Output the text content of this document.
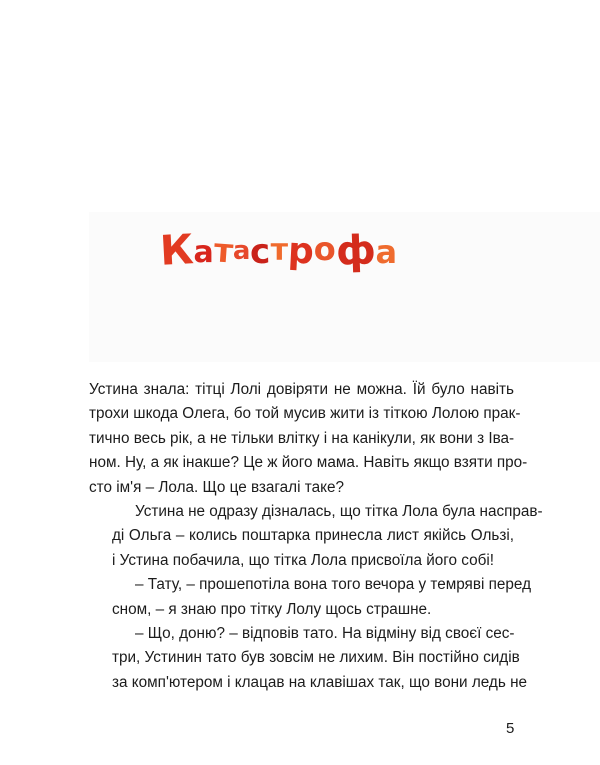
К
а
т
а с т
р
о ф а

Устина знала: тітці Лолі довіряти не можна. Їй було навіть
трохи шкода Олега, бо той мусив жити із тіткою Лолою прак-
тично весь рік, а не тільки влітку і на канікули, як вони з Іва-
ном. Ну, а як інакше? Це ж його мама. Навіть якщо взяти про-
сто ім'я – Лола. Що це взагалі таке?

Устина не одразу дізналась, що тітка Лола була насправ-
ді Ольга – колись поштарка принесла лист якійсь Ользі,
і Устина побачила, що тітка Лола присвоїла його собі!

– Тату, – прошепотіла вона того вечора у темряві перед
сном, – я знаю про тітку Лолу щось страшне.

– Що, доню? – відповів тато. На відміну від своєї сес-
три, Устинин тато був зовсім не лихим. Він постійно сидів
за комп'ютером і клацав на клавішах так, що вони ледь не

5
